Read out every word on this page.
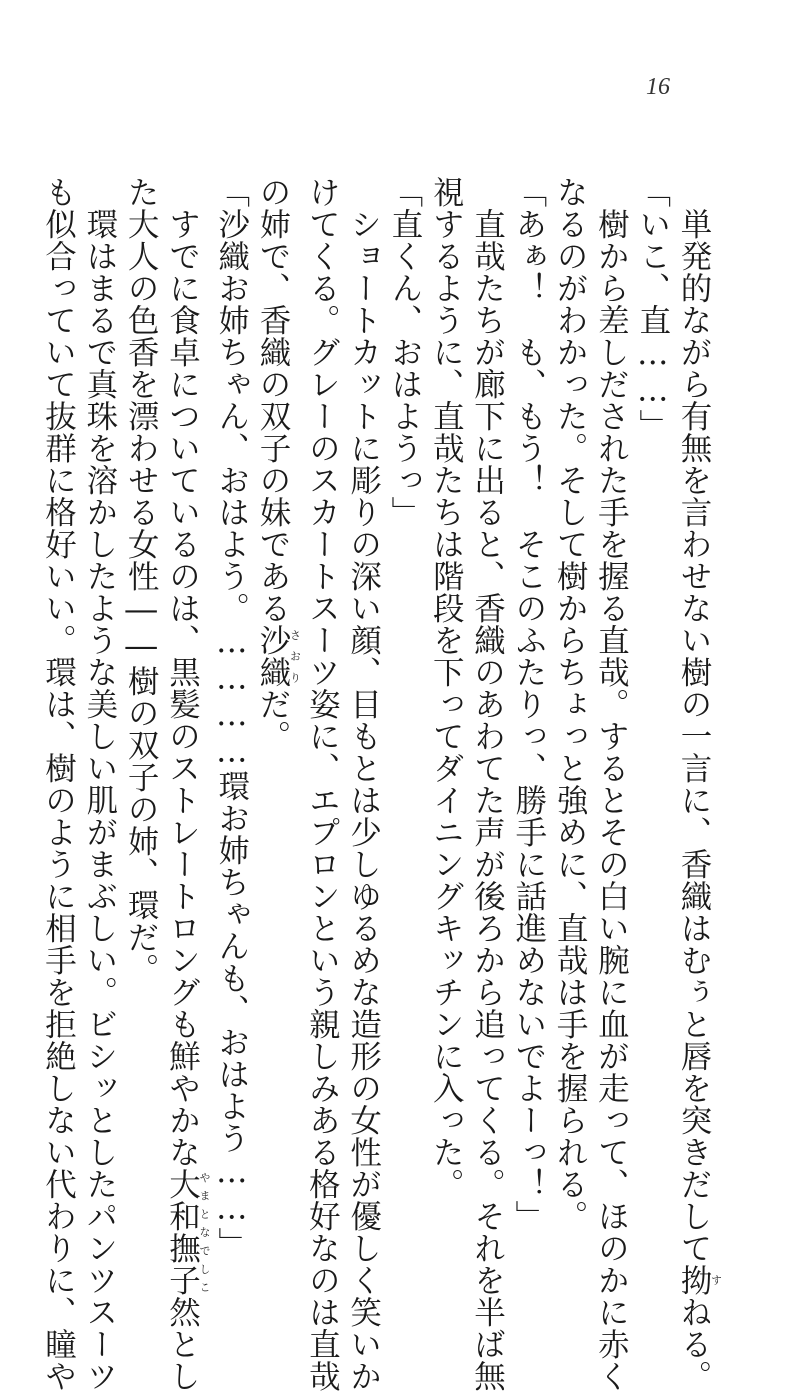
16
単発的ながら有無を言わせない樹の一言に、香織はむぅと唇を突きだして拗すねる。
「いこ、直……」
樹から差しだされた手を握る直哉。するとその白い腕に血が走って、ほのかに赤く
なるのがわかった。そして樹からちょっと強めに、直哉は手を握られる。
「あぁ！　も、もう！　そこのふたりっ、勝手に話進めないでよーっ！」
直哉たちが廊下に出ると、香織のあわてた声が後ろから追ってくる。それを半ば無
視するように、直哉たちは階段を下ってダイニングキッチンに入った。
「直くん、おはようっ」
ショートカットに彫りの深い顔、目もとは少しゆるめな造形の女性が優しく笑いか
けてくる。グレーのスカートスーツ姿に、エプロンという親しみある格好なのは直哉
の姉で、香織の双子の妹である沙織さおりだ。
「沙織お姉ちゃん、おはよう。…………環お姉ちゃんも、おはよう……」
すでに食卓についているのは、黒髪のストレートロングも鮮やかな大和撫子やまとなでしこ然とし
た大人の色香を漂わせる女性――樹の双子の姉、環だ。
環はまるで真珠を溶かしたような美しい肌がまぶしい。ビシッとしたパンツスーツ
も似合っていて抜群に格好いい。環は、樹のように相手を拒絶しない代わりに、瞳や
